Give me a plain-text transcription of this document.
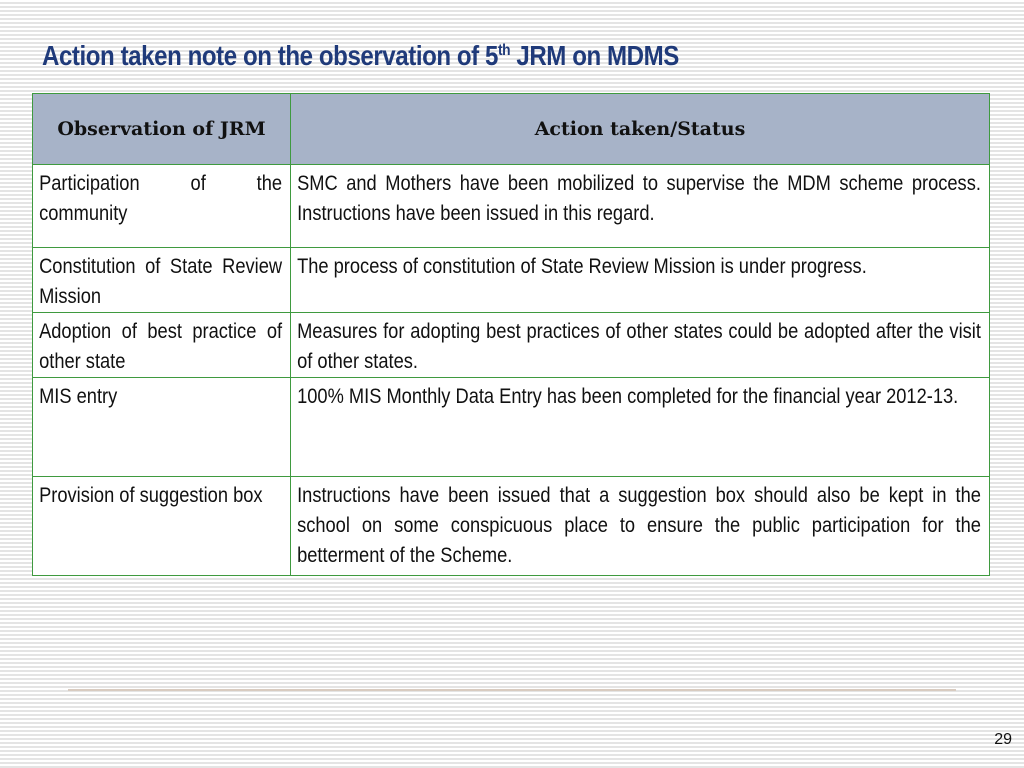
Action taken note on the observation of 5th JRM on MDMS
Observation of JRM	Action taken/Status

Participation of the community	SMC and Mothers have been mobilized to supervise the MDM scheme process. Instructions have been issued in this regard.

Constitution of State Review Mission	The process of constitution of State Review Mission is under progress.

Adoption of best practice of other state	Measures for adopting best practices of other states could be adopted after the visit of other states.

MIS entry	100% MIS Monthly Data Entry has been completed for the financial year 2012-13.

Provision of suggestion box	Instructions have been issued that a suggestion box should also be kept in the school on some conspicuous place to ensure the public participation for the betterment of the Scheme.
29
